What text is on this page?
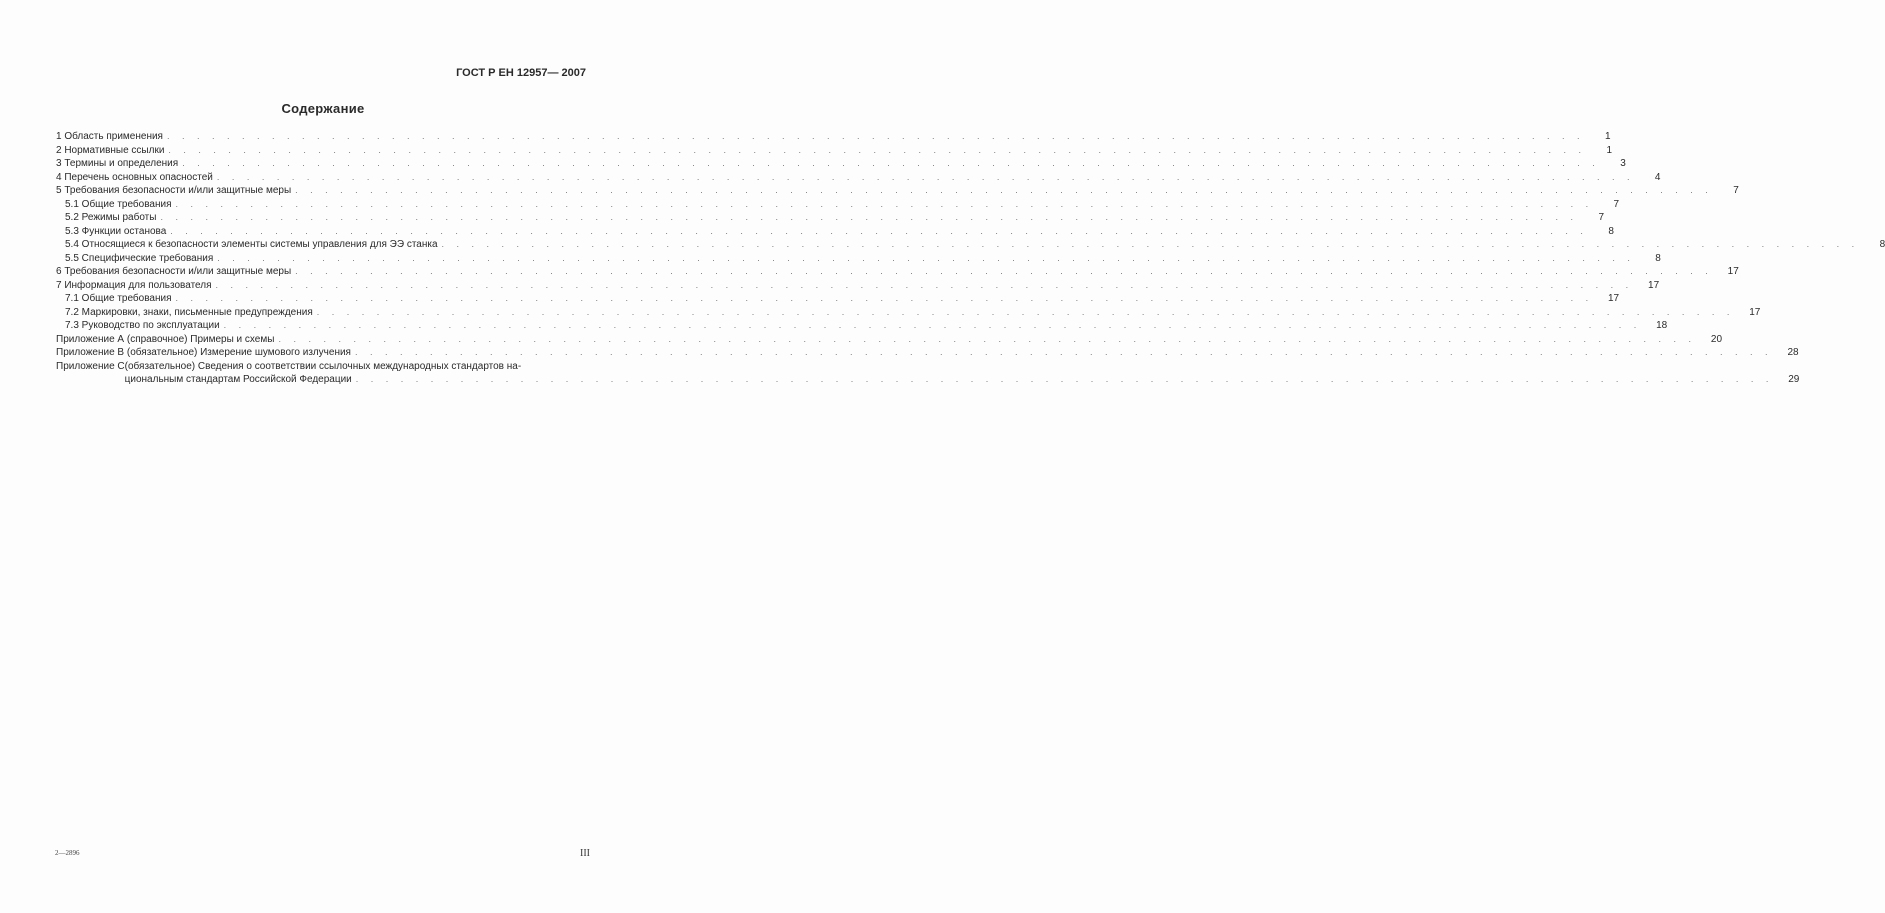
ГОСТ Р ЕН 12957— 2007
Содержание
1 Область применения . . .	1
2 Нормативные ссылки . . .	1
3 Термины и определения . . .	3
4 Перечень основных опасностей . . .	4
5 Требования безопасности и/или защитные меры . . .	7
5.1 Общие требования . . .	7
5.2 Режимы работы . . .	7
5.3 Функции останова . . .	8
5.4 Относящиеся к безопасности элементы системы управления для ЭЭ станка . . .	8
5.5 Специфические требования . . .	8
6 Требования безопасности и/или защитные меры . . .	17
7 Информация для пользователя . . .	17
7.1 Общие требования . . .	17
7.2 Маркировки, знаки, письменные предупреждения . . .	17
7.3 Руководство по эксплуатации . . .	18
Приложение А (справочное) Примеры и схемы . . .	20
Приложение В (обязательное) Измерение шумового излучения . . .	28
Приложение С (обязательное) Сведения о соответствии ссылочных международных стандартов на-
циональным стандартам Российской Федерации . . .	29
2—2896	III
